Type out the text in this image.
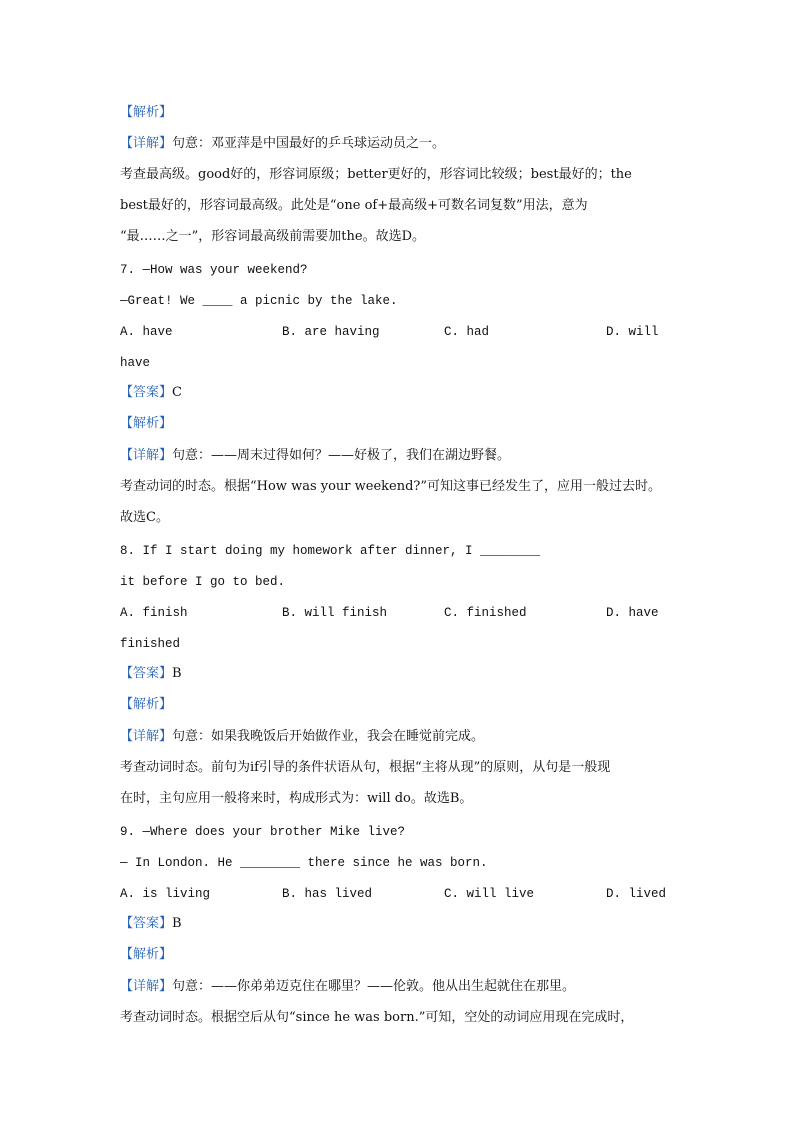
【解析】
【详解】句意：邓亚萍是中国最好的乒乓球运动员之一。
考查最高级。good好的，形容词原级；better更好的，形容词比较级；best最好的；the
best最好的，形容词最高级。此处是“one of+最高级+可数名词复数”用法，意为
“最……之一”，形容词最高级前需要加the。故选D。
7. —How was your weekend?
—Great! We ____ a picnic by the lake.
A. have	B. are having	C. had	D. will
have
【答案】C
【解析】
【详解】句意：——周末过得如何？——好极了，我们在湖边野餐。
考查动词的时态。根据“How was your weekend?”可知这事已经发生了，应用一般过去时。
故选C。
8. If I start doing my homework after dinner, I ________
it before I go to bed.
A. finish	B. will finish	C. finished	D. have
finished
【答案】B
【解析】
【详解】句意：如果我晚饭后开始做作业，我会在睡觉前完成。
考查动词时态。前句为if引导的条件状语从句，根据“主将从现”的原则，从句是一般现
在时，主句应用一般将来时，构成形式为：will do。故选B。
9. —Where does your brother Mike live?
— In London. He ________ there since he was born.
A. is living	B. has lived	C. will live	D. lived
【答案】B
【解析】
【详解】句意：——你弟弟迈克住在哪里？——伦敦。他从出生起就住在那里。
考查动词时态。根据空后从句“since he was born.”可知，空处的动词应用现在完成时，
